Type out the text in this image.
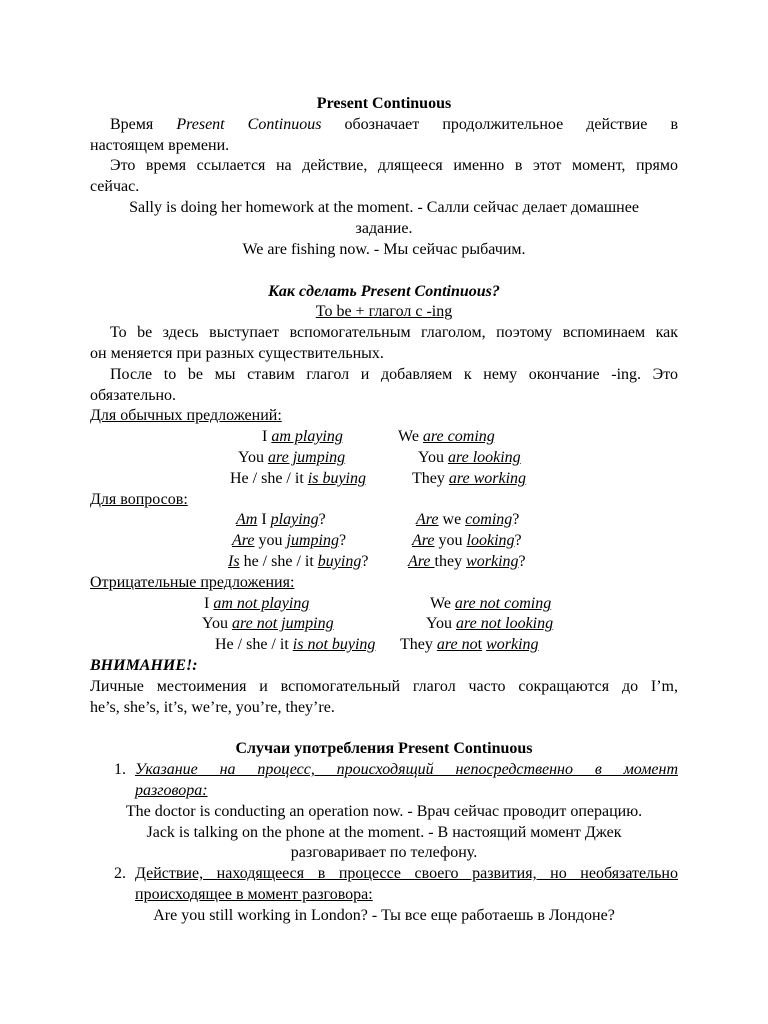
Present Continuous
Время Present Continuous обозначает продолжительное действие в
настоящем времени.
Это время ссылается на действие, длящееся именно в этот момент, прямо
сейчас.
Sally is doing her homework at the moment. - Салли сейчас делает домашнее
задание.
We are fishing now. - Мы сейчас рыбачим.
Как сделать Present Continuous?
To be + глагол с -ing
To be здесь выступает вспомогательным глаголом, поэтому вспоминаем как
он меняется при разных существительных.
После to be мы ставим глагол и добавляем к нему окончание -ing. Это
обязательно.
Для обычных предложений:
I am playing	We are coming
You are jumping	You are looking
He / she / it is buying	They are working
Для вопросов:
Am I playing?	Are we coming?
Are you jumping?	Are you looking?
Is he / she / it buying? Are they working?
Отрицательные предложения:
I am not playing	We are not coming
You are not jumping	You are not looking
He / she / it is not buying They are not working
ВНИМАНИЕ!:
Личные местоимения и вспомогательный глагол часто сокращаются до I’m,
he’s, she’s, it’s, we’re, you’re, they’re.
Случаи употребления Present Continuous
1. Указание на процесс, происходящий непосредственно в момент
разговора:
The doctor is conducting an operation now. - Врач сейчас проводит операцию.
Jack is talking on the phone at the moment. - В настоящий момент Джек
разговаривает по телефону.
2. Действие, находящееся в процессе своего развития, но необязательно
происходящее в момент разговора:
Are you still working in London? - Ты все еще работаешь в Лондоне?
